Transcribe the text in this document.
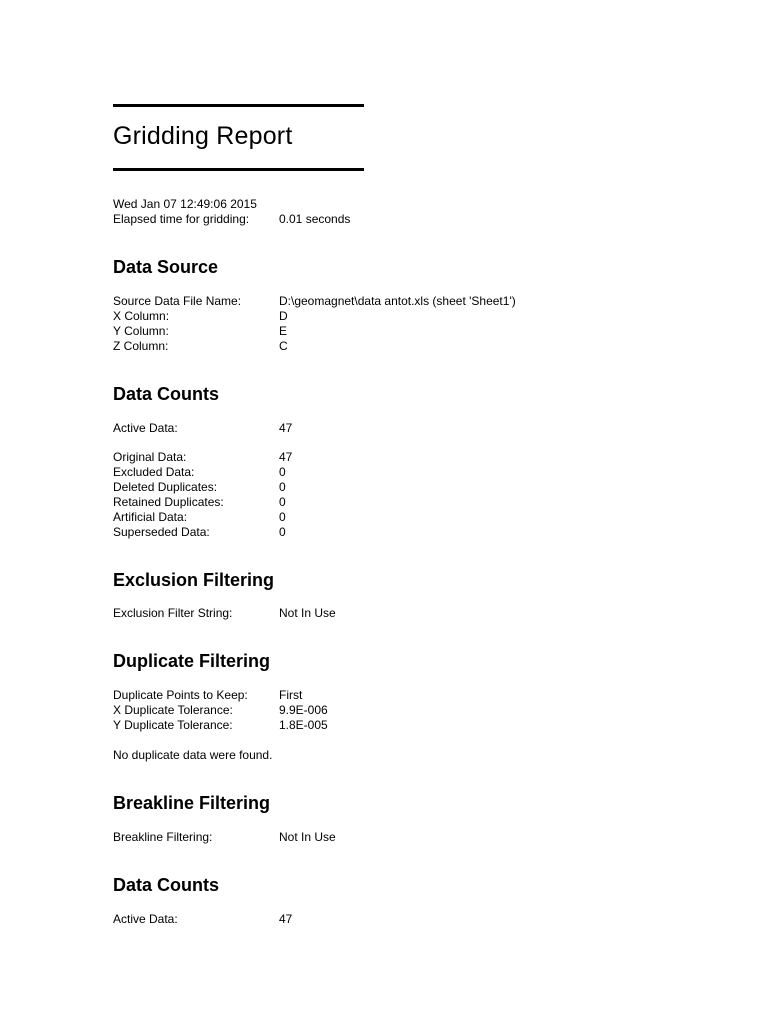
Gridding Report
Wed Jan 07 12:49:06 2015
Elapsed time for gridding: 0.01 seconds
Data Source
Source Data File Name:	D:\geomagnet\data antot.xls (sheet 'Sheet1')
X Column:	D
Y Column:	E
Z Column:	C
Data Counts
Active Data:	47
Original Data:	47
Excluded Data:	0
Deleted Duplicates:	0
Retained Duplicates:	0
Artificial Data:	0
Superseded Data:	0
Exclusion Filtering
Exclusion Filter String:	Not In Use
Duplicate Filtering
Duplicate Points to Keep:	First
X Duplicate Tolerance:	9.9E-006
Y Duplicate Tolerance:	1.8E-005
No duplicate data were found.
Breakline Filtering
Breakline Filtering:	Not In Use
Data Counts
Active Data:	47
